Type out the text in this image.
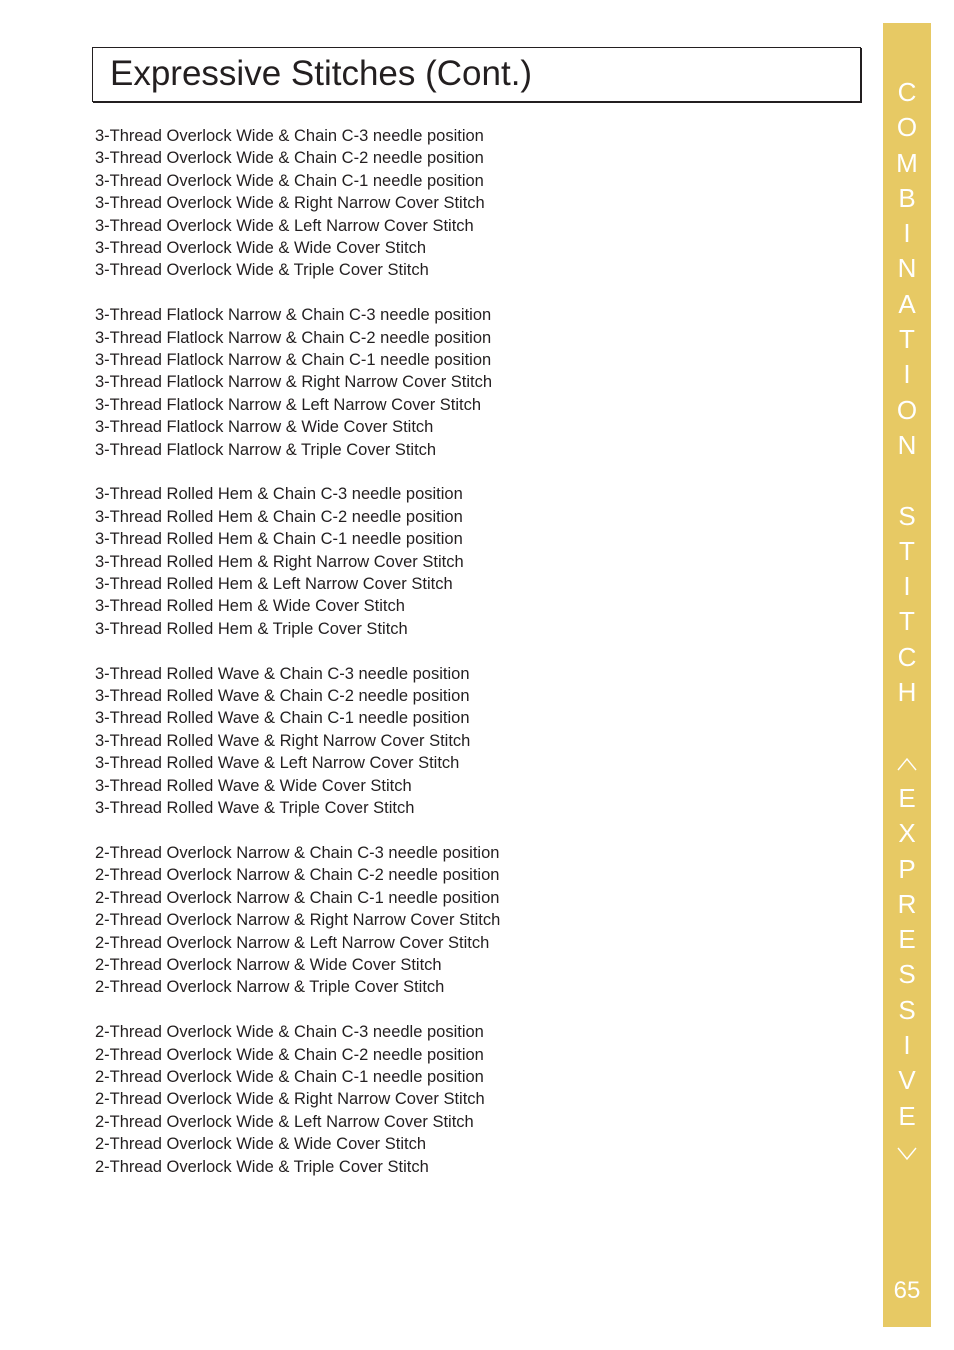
Expressive Stitches (Cont.)
3-Thread Overlock Wide & Chain C-3 needle position
3-Thread Overlock Wide & Chain C-2 needle position
3-Thread Overlock Wide & Chain C-1 needle position
3-Thread Overlock Wide & Right Narrow Cover Stitch
3-Thread Overlock Wide & Left Narrow Cover Stitch
3-Thread Overlock Wide & Wide Cover Stitch
3-Thread Overlock Wide & Triple Cover Stitch
3-Thread Flatlock Narrow & Chain C-3 needle position
3-Thread Flatlock Narrow & Chain C-2 needle position
3-Thread Flatlock Narrow & Chain C-1 needle position
3-Thread Flatlock Narrow & Right Narrow Cover Stitch
3-Thread Flatlock Narrow & Left Narrow Cover Stitch
3-Thread Flatlock Narrow & Wide Cover Stitch
3-Thread Flatlock Narrow & Triple Cover Stitch
3-Thread Rolled Hem & Chain C-3 needle position
3-Thread Rolled Hem & Chain C-2 needle position
3-Thread Rolled Hem & Chain C-1 needle position
3-Thread Rolled Hem & Right Narrow Cover Stitch
3-Thread Rolled Hem & Left Narrow Cover Stitch
3-Thread Rolled Hem & Wide Cover Stitch
3-Thread Rolled Hem & Triple Cover Stitch
3-Thread Rolled Wave & Chain C-3 needle position
3-Thread Rolled Wave & Chain C-2 needle position
3-Thread Rolled Wave & Chain C-1 needle position
3-Thread Rolled Wave & Right Narrow Cover Stitch
3-Thread Rolled Wave & Left Narrow Cover Stitch
3-Thread Rolled Wave & Wide Cover Stitch
3-Thread Rolled Wave & Triple Cover Stitch
2-Thread Overlock Narrow & Chain C-3 needle position
2-Thread Overlock Narrow & Chain C-2 needle position
2-Thread Overlock Narrow & Chain C-1 needle position
2-Thread Overlock Narrow & Right Narrow Cover Stitch
2-Thread Overlock Narrow & Left Narrow Cover Stitch
2-Thread Overlock Narrow & Wide Cover Stitch
2-Thread Overlock Narrow & Triple Cover Stitch
2-Thread Overlock Wide & Chain C-3 needle position
2-Thread Overlock Wide & Chain C-2 needle position
2-Thread Overlock Wide & Chain C-1 needle position
2-Thread Overlock Wide & Right Narrow Cover Stitch
2-Thread Overlock Wide & Left Narrow Cover Stitch
2-Thread Overlock Wide & Wide Cover Stitch
2-Thread Overlock Wide & Triple Cover Stitch
C
O
M
B
I
N
A
T
I
O
N
S
T
I
T
C
H
E
X
P
R
E
S
S
I
V
E
65
